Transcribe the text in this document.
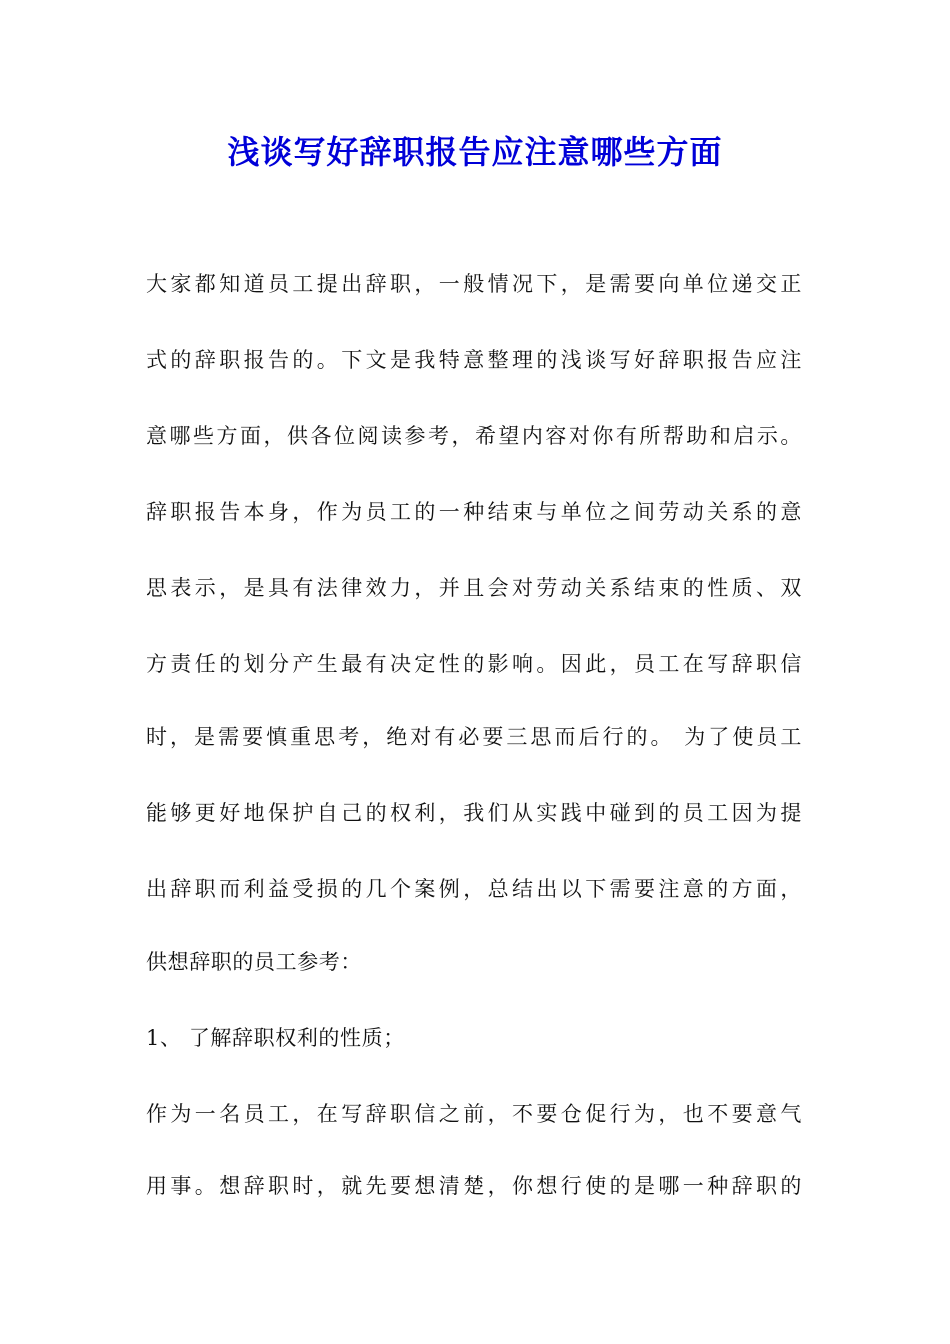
浅谈写好辞职报告应注意哪些方面
大家都知道员工提出辞职，一般情况下，是需要向单位递交正
式的辞职报告的。下文是我特意整理的浅谈写好辞职报告应注
意哪些方面，供各位阅读参考，希望内容对你有所帮助和启示。
辞职报告本身，作为员工的一种结束与单位之间劳动关系的意
思表示，是具有法律效力，并且会对劳动关系结束的性质、双
方责任的划分产生最有决定性的影响。因此，员工在写辞职信
时，是需要慎重思考，绝对有必要三思而后行的。 为了使员工
能够更好地保护自己的权利，我们从实践中碰到的员工因为提
出辞职而利益受损的几个案例，总结出以下需要注意的方面，
供想辞职的员工参考：
1、 了解辞职权利的性质；
作为一名员工，在写辞职信之前，不要仓促行为，也不要意气
用事。想辞职时，就先要想清楚，你想行使的是哪一种辞职的
